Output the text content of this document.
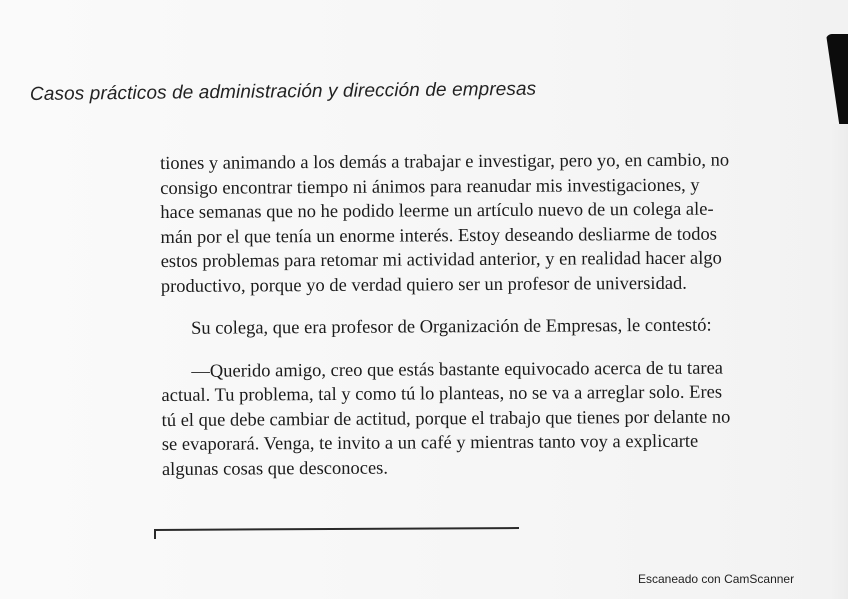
Casos prácticos de administración y dirección de empresas

tiones y animando a los demás a trabajar e investigar, pero yo, en cambio, no
consigo encontrar tiempo ni ánimos para reanudar mis investigaciones, y
hace semanas que no he podido leerme un artículo nuevo de un colega ale-
mán por el que tenía un enorme interés. Estoy deseando desliarme de todos
estos problemas para retomar mi actividad anterior, y en realidad hacer algo
productivo, porque yo de verdad quiero ser un profesor de universidad.

Su colega, que era profesor de Organización de Empresas, le contestó:

—Querido amigo, creo que estás bastante equivocado acerca de tu tarea
actual. Tu problema, tal y como tú lo planteas, no se va a arreglar solo. Eres
tú el que debe cambiar de actitud, porque el trabajo que tienes por delante no
se evaporará. Venga, te invito a un café y mientras tanto voy a explicarte
algunas cosas que desconoces.

Escaneado con CamScanner
